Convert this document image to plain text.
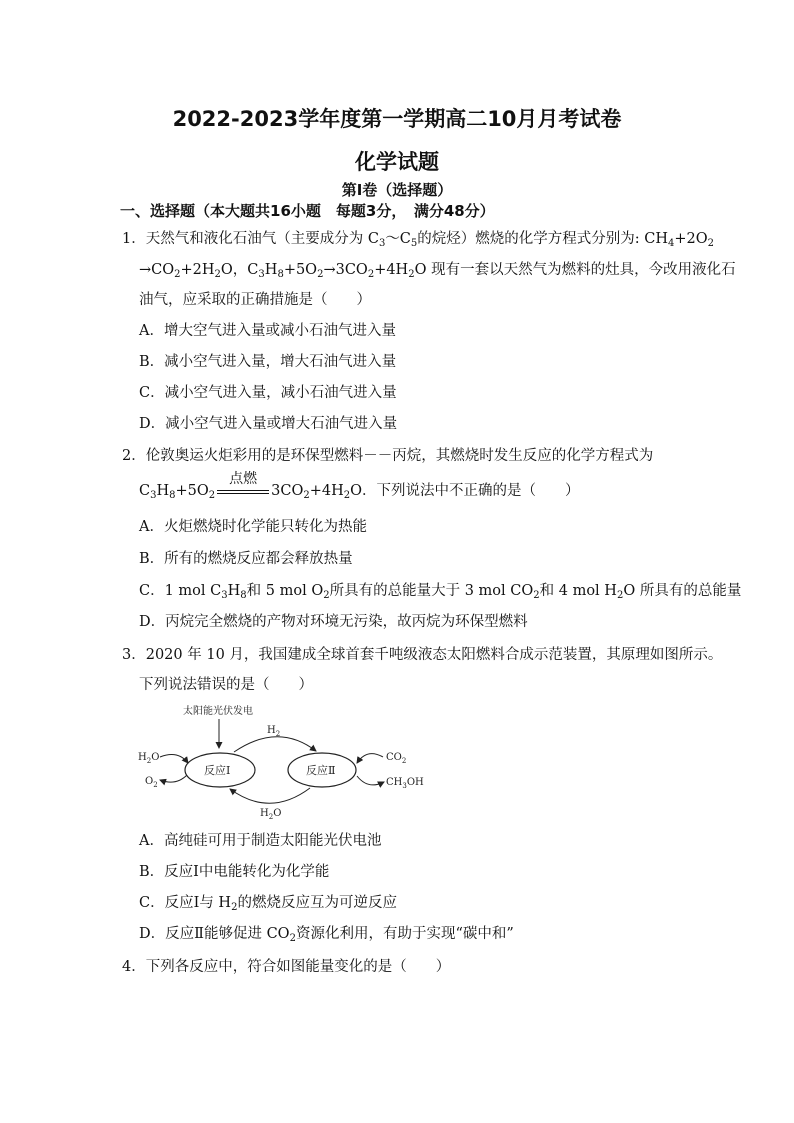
2022-2023学年度第一学期高二10月月考试卷
化学试题
第Ⅰ卷（选择题）
一、选择题（本大题共16小题　每题3分，　满分48分）
1．天然气和液化石油气（主要成分为 $C_3\sim C_5$的烷烃）燃烧的化学方程式分别为: $CH_4+2O_2$
$\to CO_2+2H_2O$，$C_3H_8+5O_2\to 3CO_2+4H_2O$ 现有一套以天然气为燃料的灶具，今改用液化石
油气，应采取的正确措施是（　　）
A．增大空气进入量或减小石油气进入量
B．减小空气进入量，增大石油气进入量
C．减小空气进入量，减小石油气进入量
D．减小空气进入量或增大石油气进入量
2．伦敦奥运火炬彩用的是环保型燃料－－丙烷，其燃烧时发生反应的化学方程式为
$C_3H_8+5O_2$
点燃
$3CO_2+4H_2O$．下列说法中不正确的是（　　）
A．火炬燃烧时化学能只转化为热能
B．所有的燃烧反应都会释放热量
C．1 mol $C_3H_8$和 5 mol $O_2$所具有的总能量大于 3 mol $CO_2$和 4 mol $H_2O$ 所具有的总能量
D．丙烷完全燃烧的产物对环境无污染，故丙烷为环保型燃料
3．2020 年 10 月，我国建成全球首套千吨级液态太阳燃料合成示范装置，其原理如图所示。
下列说法错误的是（　　）
太阳能光伏发电
反应Ⅰ	反应Ⅱ
$H_2$
$H_2O$
$H_2O$
$O_2$
$CO_2$
$CH_3OH$
A．高纯硅可用于制造太阳能光伏电池
B．反应Ⅰ中电能转化为化学能
C．反应Ⅰ与 $H_2$的燃烧反应互为可逆反应
D．反应Ⅱ能够促进 $CO_2$资源化利用，有助于实现“碳中和”
4．下列各反应中，符合如图能量变化的是（　　）
